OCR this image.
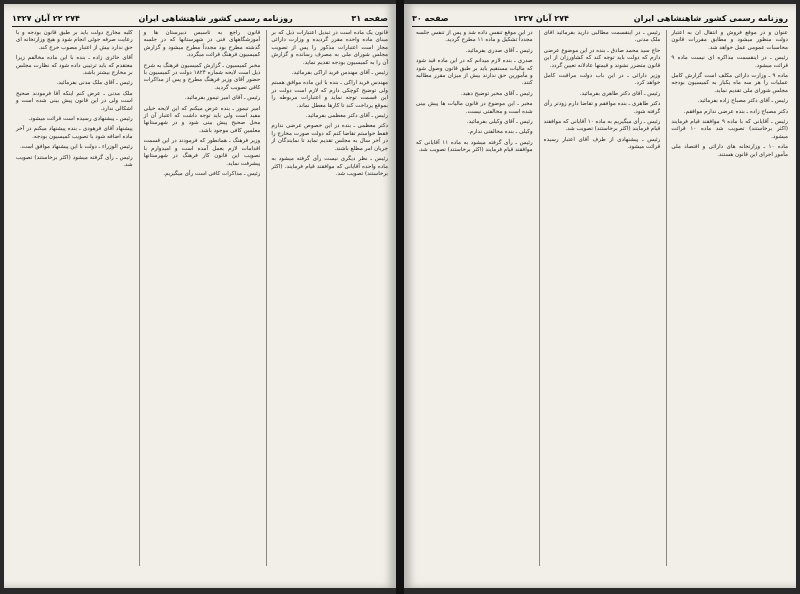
صفحه ۳۱
روزنامه رسمی کشور شاهنشاهی ایران
۲۷۴ ۲۲ آبان ۱۳۲۷

قانون یک ماده است در تبدیل اعتبارات ذیل که بر مبنای ماده واحده مقرر گردیده و وزارت دارائی مجاز است اعتبارات مذکور را پس از تصویب مجلس شورای ملی به مصرف رسانده و گزارش آن را به کمیسیون بودجه تقدیم نماید.

رئیس ـ آقای مهندس فرید اراکی بفرمائید.

مهندس فرید اراکی ـ بنده با این ماده موافق هستم ولی توضیح کوچکی دارم که لازم است دولت در این قسمت توجه نماید و اعتبارات مربوطه را بموقع پرداخت کند تا کارها معطل نماند.

رئیس ـ آقای دکتر معظمی بفرمائید.

دکتر معظمی ـ بنده در این خصوص عرضی ندارم فقط خواستم تقاضا کنم که دولت صورت مخارج را در آخر سال به مجلس تقدیم نماید تا نمایندگان از جریان امر مطلع باشند.

رئیس ـ نظر دیگری نیست رأی گرفته میشود به ماده واحده آقایانی که موافقند قیام فرمایند. (اکثر برخاستند) تصویب شد.

قانون راجع به تأسیس دبیرستان ها و آموزشگاههای فنی در شهرستانها که در جلسه گذشته مطرح بود مجدداً مطرح میشود و گزارش کمیسیون فرهنگ قرائت میگردد.

مخبر کمیسیون ـ گزارش کمیسیون فرهنگ به شرح ذیل است لایحه شماره ۱۸۲۴ دولت در کمیسیون با حضور آقای وزیر فرهنگ مطرح و پس از مذاکرات کافی تصویب گردید.

رئیس ـ آقای امیر تیمور بفرمائید.

امیر تیمور ـ بنده عرض میکنم که این لایحه خیلی مفید است ولی باید توجه داشت که اعتبار آن از محل صحیح پیش بینی شود و در شهرستانها معلمین کافی موجود باشد.

وزیر فرهنگ ـ همانطور که فرمودند در این قسمت اقدامات لازم بعمل آمده است و امیدوارم با تصویب این قانون کار فرهنگ در شهرستانها پیشرفت نماید.

رئیس ـ مذاکرات کافی است رأی میگیریم.

کلیه مخارج دولت باید بر طبق قانون بودجه و با رعایت صرفه جوئی انجام شود و هیچ وزارتخانه ای حق ندارد بیش از اعتبار مصوب خرج کند.

آقای حائری زاده ـ بنده با این ماده مخالفم زیرا معتقدم که باید ترتیبی داده شود که نظارت مجلس بر مخارج بیشتر باشد.

رئیس ـ آقای ملک مدنی بفرمائید.

ملک مدنی ـ عرض کنم اینکه آقا فرمودند صحیح است ولی در این قانون پیش بینی شده است و اشکالی ندارد.

رئیس ـ پیشنهادی رسیده است قرائت میشود.

پیشنهاد آقای فرهودی ـ بنده پیشنهاد میکنم در آخر ماده اضافه شود با تصویب کمیسیون بودجه.

رئیس الوزراء ـ دولت با این پیشنهاد موافق است.

رئیس ـ رأی گرفته میشود (اکثر برخاستند) تصویب شد.

روزنامه رسمی کشور شاهنشاهی ایران
۲۷۴ آبان ۱۳۲۷
صفحه ۳۰

عنوان و در موقع فروش و انتقال آن به اعتبار دولت منظور میشود و مطابق مقررات قانون محاسبات عمومی عمل خواهد شد.

رئیس ـ در اینقسمت مذاکره ای نیست ماده ۹ قرائت میشود.

ماده ۹ ـ وزارت دارائی مکلف است گزارش کامل عملیات را هر سه ماه یکبار به کمیسیون بودجه مجلس شورای ملی تقدیم نماید.

رئیس ـ آقای دکتر مصباح زاده بفرمائید.

دکتر مصباح زاده ـ بنده عرضی ندارم موافقم.

رئیس ـ آقایانی که با ماده ۹ موافقند قیام فرمایند (اکثر برخاستند) تصویب شد ماده ۱۰ قرائت میشود.

ماده ۱۰ ـ وزارتخانه های دارائی و اقتصاد ملی مأمور اجرای این قانون هستند.

رئیس ـ در اینقسمت مطالبی دارید بفرمائید آقای ملک مدنی.

حاج سید محمد صادق ـ بنده در این موضوع عرضی دارم که دولت باید توجه کند که کشاورزان از این قانون متضرر نشوند و قیمتها عادلانه تعیین گردد.

وزیر دارائی ـ در این باب دولت مراقبت کامل خواهد کرد.

رئیس ـ آقای دکتر طاهری بفرمائید.

دکتر طاهری ـ بنده موافقم و تقاضا دارم زودتر رأی گرفته شود.

رئیس ـ رأی میگیریم به ماده ۱۰ آقایانی که موافقند قیام فرمایند (اکثر برخاستند) تصویب شد.

رئیس ـ پیشنهادی از طرف آقای اعتبار رسیده قرائت میشود.

در این موقع تنفس داده شد و پس از تنفس جلسه مجدداً تشکیل و ماده ۱۱ مطرح گردید.

رئیس ـ آقای صدری بفرمائید.

صدری ـ بنده لازم میدانم که در این ماده قید شود که مالیات مستقیم باید بر طبق قانون وصول شود و مأمورین حق ندارند بیش از میزان مقرر مطالبه کنند.

رئیس ـ آقای مخبر توضیح دهید.

مخبر ـ این موضوع در قانون مالیات ها پیش بینی شده است و مخالفتی نیست.

رئیس ـ آقای وکیلی بفرمائید.

وکیلی ـ بنده مخالفتی ندارم.

رئیس ـ رأی گرفته میشود به ماده ۱۱ آقایانی که موافقند قیام فرمایند (اکثر برخاستند) تصویب شد.
